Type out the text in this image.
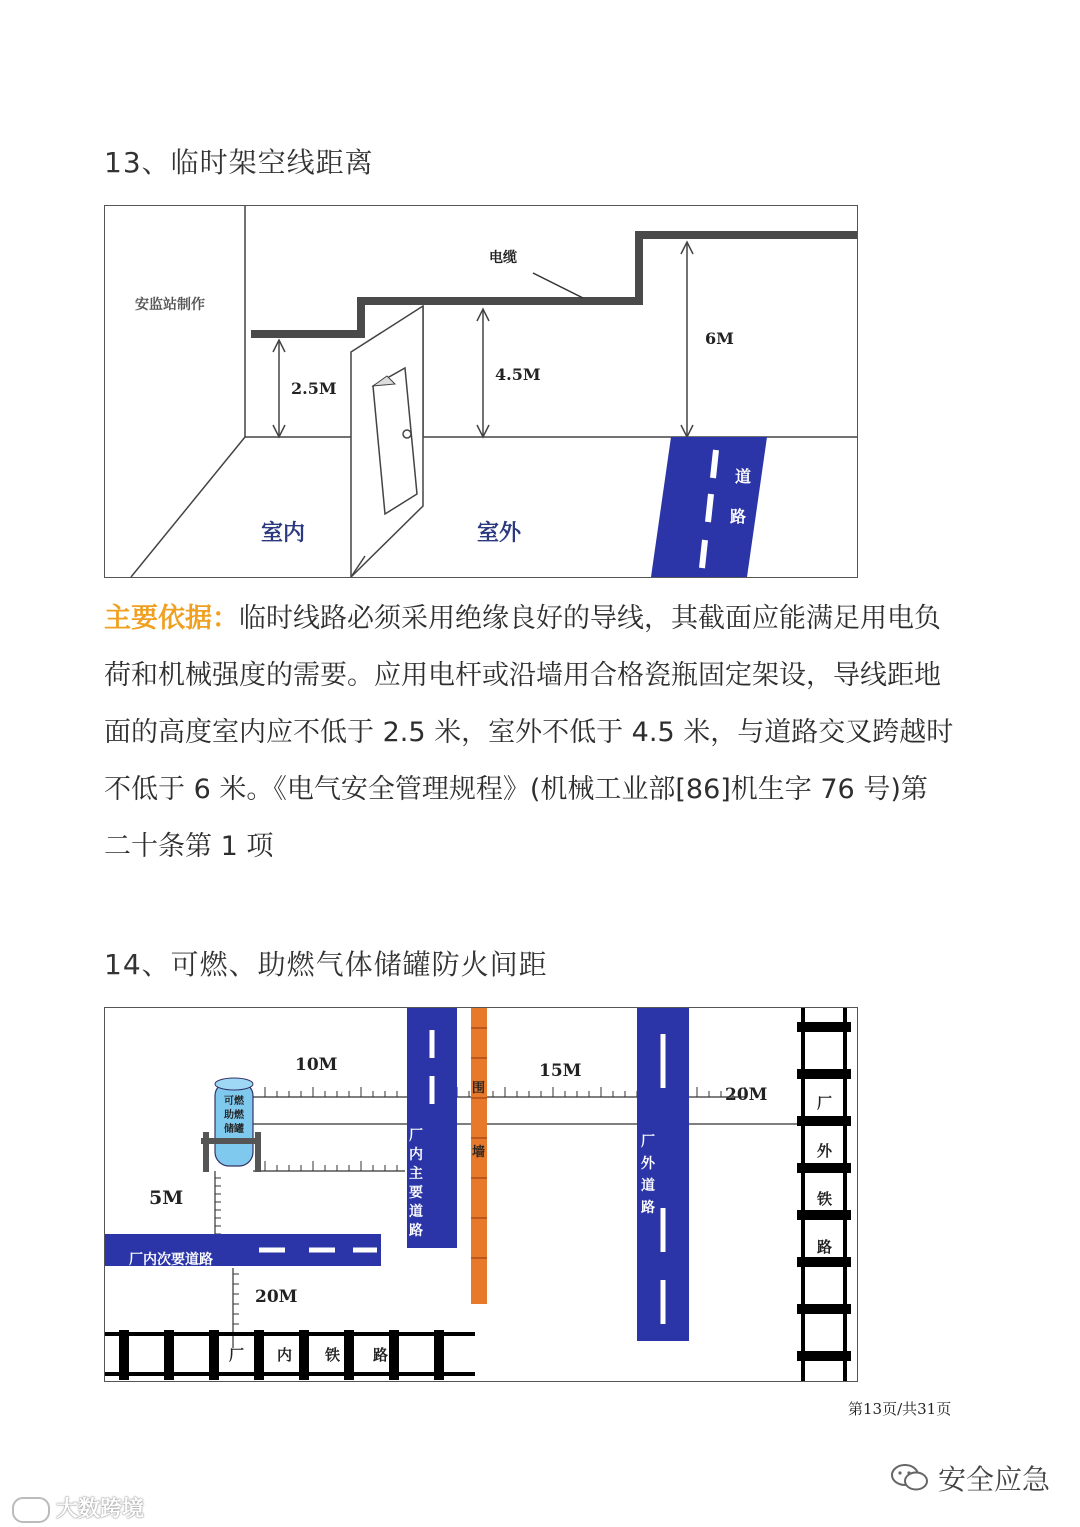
13、临时架空线距离
安监站制作
电缆
2.5M
4.5M
6M
室内	室外
道
路
主要依据：临时线路必须采用绝缘良好的导线，其截面应能满足用电负荷和机械强度的需要。应用电杆或沿墙用合格瓷瓶固定架设，导线距地面的高度室内应不低于 2.5 米，室外不低于 4.5 米，与道路交叉跨越时不低于 6 米。《电气安全管理规程》(机械工业部[86]机生字 76 号)第二十条第 1 项
14、可燃、助燃气体储罐防火间距
可燃
助燃
储罐
10M	15M
20M
5M
20M
围
墙
厂内次要道路
厂
内
主
要
道
路
厂
外
道
路
厂
外
铁
路
厂 内 铁 路
第13页/共31页
大数跨境
安全应急
